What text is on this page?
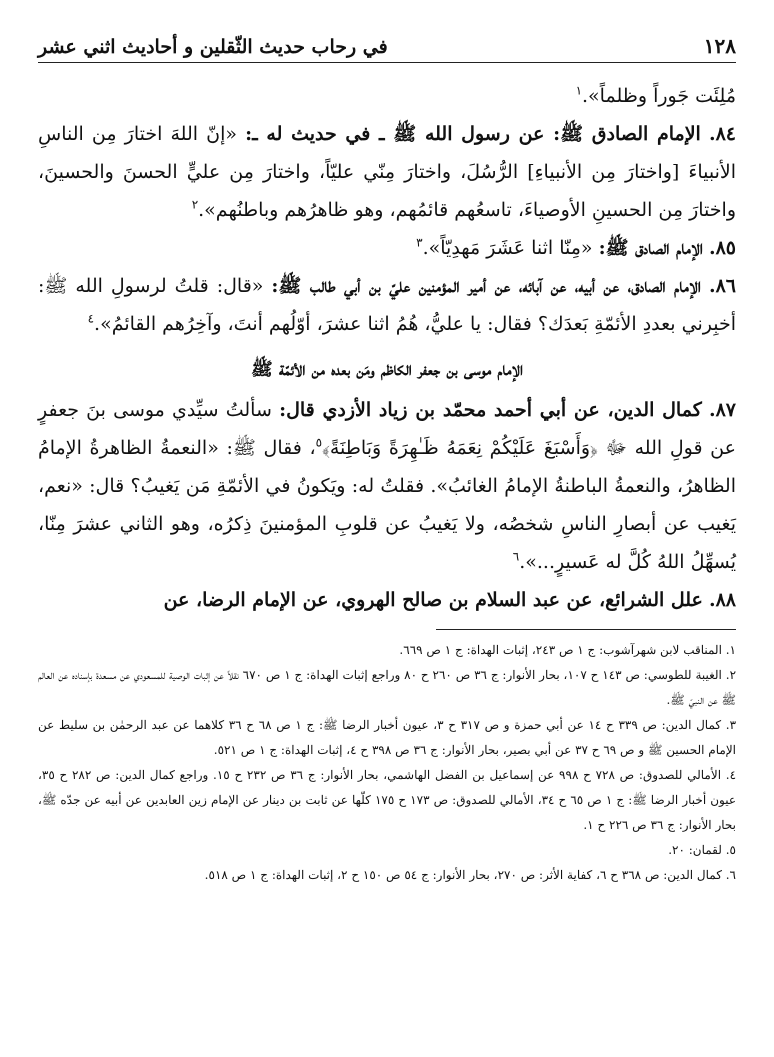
١٢٨
في رحاب حديث الثّقلين و أحاديث اثني عشر

مُلِئَت جَوراً وظلماً».$^١$

٨٤. الإمام الصادق ﷺ: عن رسول الله ﷺ ـ في حديث له ـ: «إنّ اللهَ اختارَ مِن الناسِ الأنبياءَ [واختارَ مِن الأنبياءِ] الرُّسُلَ، واختارَ مِنّي عليّاً، واختارَ مِن عليٍّ الحسنَ والحسينَ، واختارَ مِن الحسينِ الأوصياءَ، تاسعُهم قائمُهم، وهو ظاهرُهم وباطنُهم».$^٢$

٨٥. الإمام الصادق ﷺ: «مِنّا اثنا عَشَرَ مَهدِيّاً».$^٣$

٨٦. الإمام الصادق، عن أبيه، عن آبائه، عن أمير المؤمنين عليّ بن أبي طالب ﷺ: «قال: قلتُ لرسولِ الله ﷺ: أخبِرني بعددِ الأئمّةِ بَعدَك؟ فقال: يا عليُّ، هُمُ اثنا عشرَ، أوّلُهم أنتَ، وآخِرُهم القائمُ».$^٤$

الإمام موسى بن جعفر الكاظم ومَن بعده من الأئمّة ﷺ

٨٧. كمال الدين، عن أبي أحمد محمّد بن زياد الأزدي قال: سألتُ سيِّدي موسى بنَ جعفرٍ عن قولِ الله ﷻ ﴿وَأَسْبَغَ عَلَيْكُمْ نِعَمَهُ ظَـٰهِرَةً وَبَاطِنَةً﴾$^٥$، فقال ﷺ: «النعمةُ الظاهرةُ الإمامُ الظاهرُ، والنعمةُ الباطنةُ الإمامُ الغائبُ». فقلتُ له: ويَكونُ في الأئمّةِ مَن يَغيبُ؟ قال: «نعم، يَغيب عن أبصارِ الناسِ شخصُه، ولا يَغيبُ عن قلوبِ المؤمنينَ ذِكرُه، وهو الثاني عشرَ مِنّا، يُسهِّلُ اللهُ كُلَّ له عَسيرٍ...».$^٦$

٨٨. علل الشرائع، عن عبد السلام بن صالح الهروي، عن الإمام الرضا، عن

١. المناقب لابن شهرآشوب: ج ١ ص ٢٤٣، إثبات الهداة: ج ١ ص ٦٦٩.

٢. الغيبة للطوسي: ص ١٤٣ ح ١٠٧، بحار الأنوار: ج ٣٦ ص ٢٦٠ ح ٨٠ وراجع إثبات الهداة: ج ١ ص ٦٧٠ نقلاً عن إثبات الوصية للمسعودي عن مسعدة بإسناده عن العالم ﷺ عن النبيّ ﷺ.

٣. كمال الدين: ص ٣٣٩ ح ١٤ عن أبي حمزة و ص ٣١٧ ح ٣، عيون أخبار الرضا ﷺ: ج ١ ص ٦٨ ح ٣٦ كلاهما عن عبد الرحمٰن بن سليط عن الإمام الحسين ﷺ و ص ٦٩ ح ٣٧ عن أبي بصير، بحار الأنوار: ج ٣٦ ص ٣٩٨ ح ٤، إثبات الهداة: ج ١ ص ٥٢١.

٤. الأمالي للصدوق: ص ٧٢٨ ح ٩٩٨ عن إسماعيل بن الفضل الهاشمي، بحار الأنوار: ج ٣٦ ص ٢٣٢ ح ١٥. وراجع كمال الدين: ص ٢٨٢ ح ٣٥، عيون أخبار الرضا ﷺ: ج ١ ص ٦٥ ح ٣٤، الأمالي للصدوق: ص ١٧٣ ح ١٧٥ كلّها عن ثابت بن دينار عن الإمام زين العابدين عن أبيه عن جدّه ﷺ، بحار الأنوار: ج ٣٦ ص ٢٢٦ ح ١.

٥. لقمان: ٢٠.

٦. كمال الدين: ص ٣٦٨ ح ٦، كفاية الأثر: ص ٢٧٠، بحار الأنوار: ج ٥٤ ص ١٥٠ ح ٢، إثبات الهداة: ج ١ ص ٥١٨.
